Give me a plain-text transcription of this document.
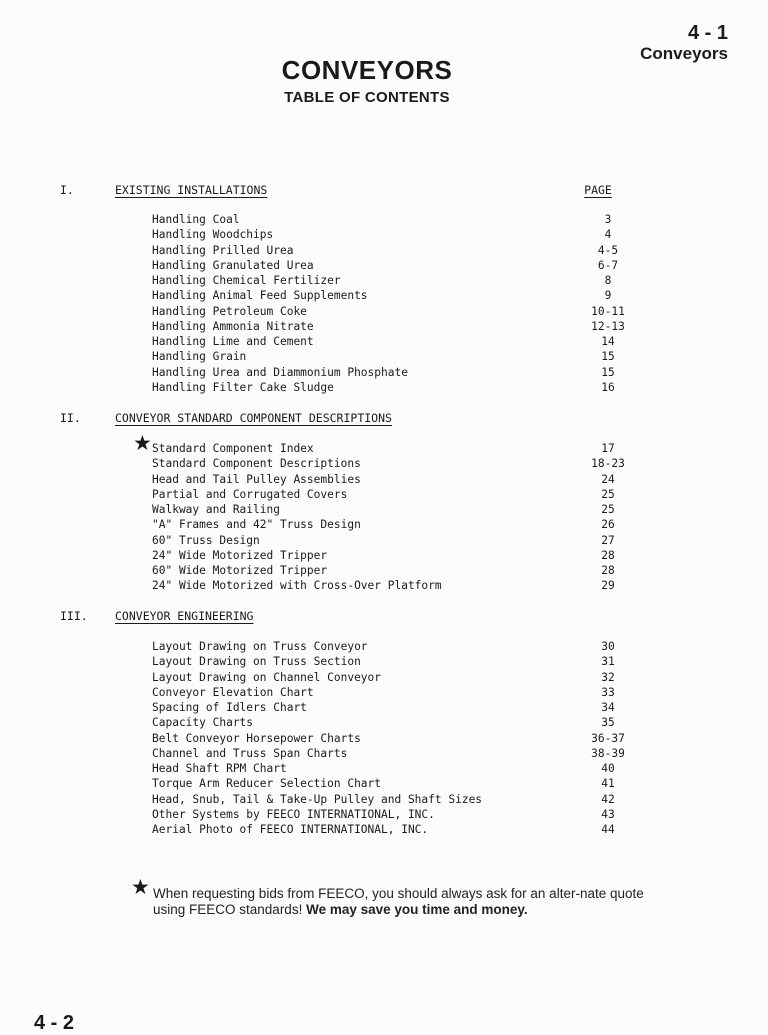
4 - 1
Conveyors
CONVEYORS
TABLE OF CONTENTS
I.	EXISTING INSTALLATIONS	PAGE
Handling Coal	3
Handling Woodchips	4
Handling Prilled Urea	4-5
Handling Granulated Urea	6-7
Handling Chemical Fertilizer	8
Handling Animal Feed Supplements	9
Handling Petroleum Coke	10-11
Handling Ammonia Nitrate	12-13
Handling Lime and Cement	14
Handling Grain	15
Handling Urea and Diammonium Phosphate	15
Handling Filter Cake Sludge	16
II.	CONVEYOR STANDARD COMPONENT DESCRIPTIONS
★ Standard Component Index	17
Standard Component Descriptions	18-23
Head and Tail Pulley Assemblies	24
Partial and Corrugated Covers	25
Walkway and Railing	25
"A" Frames and 42" Truss Design	26
60" Truss Design	27
24" Wide Motorized Tripper	28
60" Wide Motorized Tripper	28
24" Wide Motorized with Cross-Over Platform	29
III. CONVEYOR ENGINEERING
Layout Drawing on Truss Conveyor	30
Layout Drawing on Truss Section	31
Layout Drawing on Channel Conveyor	32
Conveyor Elevation Chart	33
Spacing of Idlers Chart	34
Capacity Charts	35
Belt Conveyor Horsepower Charts	36-37
Channel and Truss Span Charts	38-39
Head Shaft RPM Chart	40
Torque Arm Reducer Selection Chart	41
Head, Snub, Tail & Take-Up Pulley and Shaft Sizes	42
Other Systems by FEECO INTERNATIONAL, INC.	43
Aerial Photo of FEECO INTERNATIONAL, INC.	44
★ When requesting bids from FEECO, you should always ask for an alter-nate quote using FEECO standards! We may save you time and money.
4 - 2
